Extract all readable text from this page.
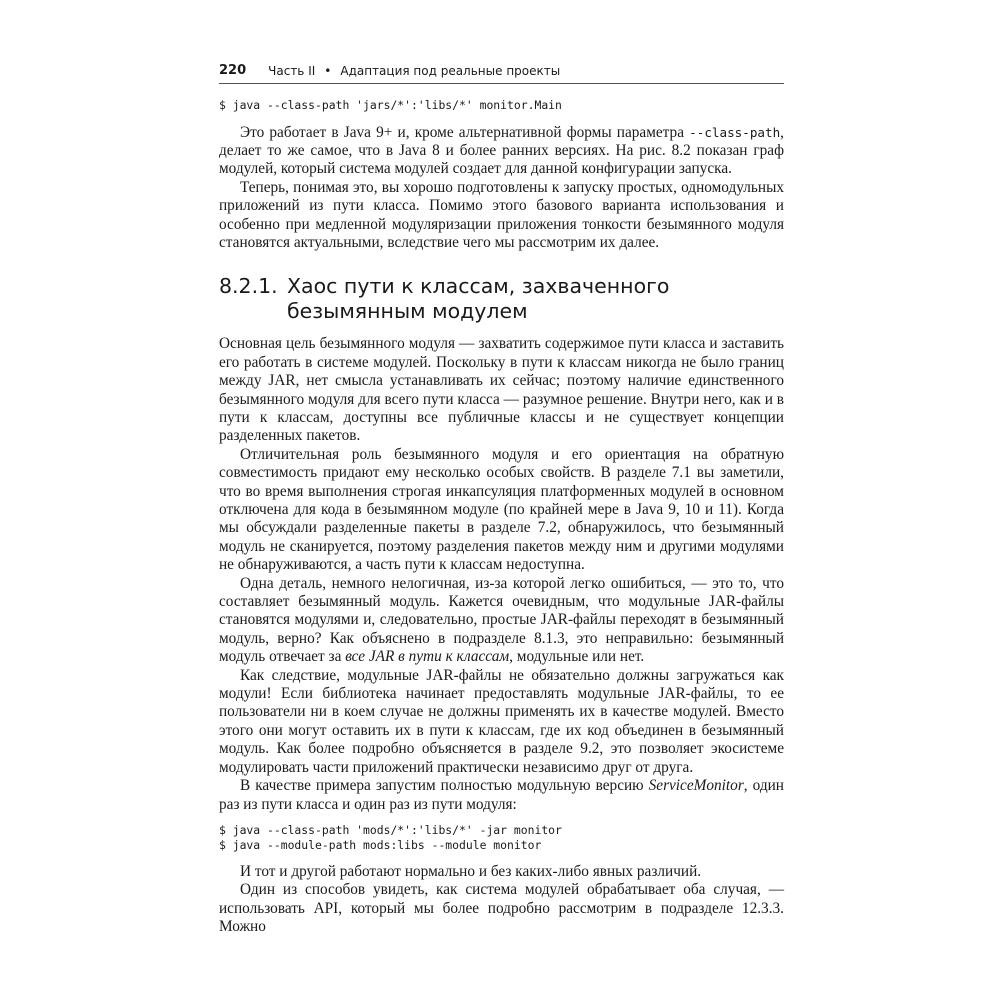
220 Часть II • Адаптация под реальные проекты
$ java --class-path 'jars/*':'libs/*' monitor.Main

Это работает в Java 9+ и, кроме альтернативной формы параметра --class-path, делает то же самое, что в Java 8 и более ранних версиях. На рис. 8.2 показан граф модулей, который система модулей создает для данной конфигурации запуска.

Теперь, понимая это, вы хорошо подготовлены к запуску простых, одномодульных приложений из пути класса. Помимо этого базового варианта использования и особенно при медленной модуляризации приложения тонкости безымянного модуля становятся актуальными, вследствие чего мы рассмотрим их далее.

8.2.1. Хаос пути к классам, захваченного безымянным модулем

Основная цель безымянного модуля — захватить содержимое пути класса и заставить его работать в системе модулей. Поскольку в пути к классам никогда не было границ между JAR, нет смысла устанавливать их сейчас; поэтому наличие единственного безымянного модуля для всего пути класса — разумное решение. Внутри него, как и в пути к классам, доступны все публичные классы и не существует концепции разделенных пакетов.

Отличительная роль безымянного модуля и его ориентация на обратную совместимость придают ему несколько особых свойств. В разделе 7.1 вы заметили, что во время выполнения строгая инкапсуляция платформенных модулей в основном отключена для кода в безымянном модуле (по крайней мере в Java 9, 10 и 11). Когда мы обсуждали разделенные пакеты в разделе 7.2, обнаружилось, что безымянный модуль не сканируется, поэтому разделения пакетов между ним и другими модулями не обнаруживаются, а часть пути к классам недоступна.

Одна деталь, немного нелогичная, из-за которой легко ошибиться, — это то, что составляет безымянный модуль. Кажется очевидным, что модульные JAR-файлы становятся модулями и, следовательно, простые JAR-файлы переходят в безымянный модуль, верно? Как объяснено в подразделе 8.1.3, это неправильно: безымянный модуль отвечает за все JAR в пути к классам, модульные или нет.

Как следствие, модульные JAR-файлы не обязательно должны загружаться как модули! Если библиотека начинает предоставлять модульные JAR-файлы, то ее пользователи ни в коем случае не должны применять их в качестве модулей. Вместо этого они могут оставить их в пути к классам, где их код объединен в безымянный модуль. Как более подробно объясняется в разделе 9.2, это позволяет экосистеме модулировать части приложений практически независимо друг от друга.

В качестве примера запустим полностью модульную версию ServiceMonitor, один раз из пути класса и один раз из пути модуля:

$ java --class-path 'mods/*':'libs/*' -jar monitor
$ java --module-path mods:libs --module monitor

И тот и другой работают нормально и без каких-либо явных различий.

Один из способов увидеть, как система модулей обрабатывает оба случая, — использовать API, который мы более подробно рассмотрим в подразделе 12.3.3. Можно
